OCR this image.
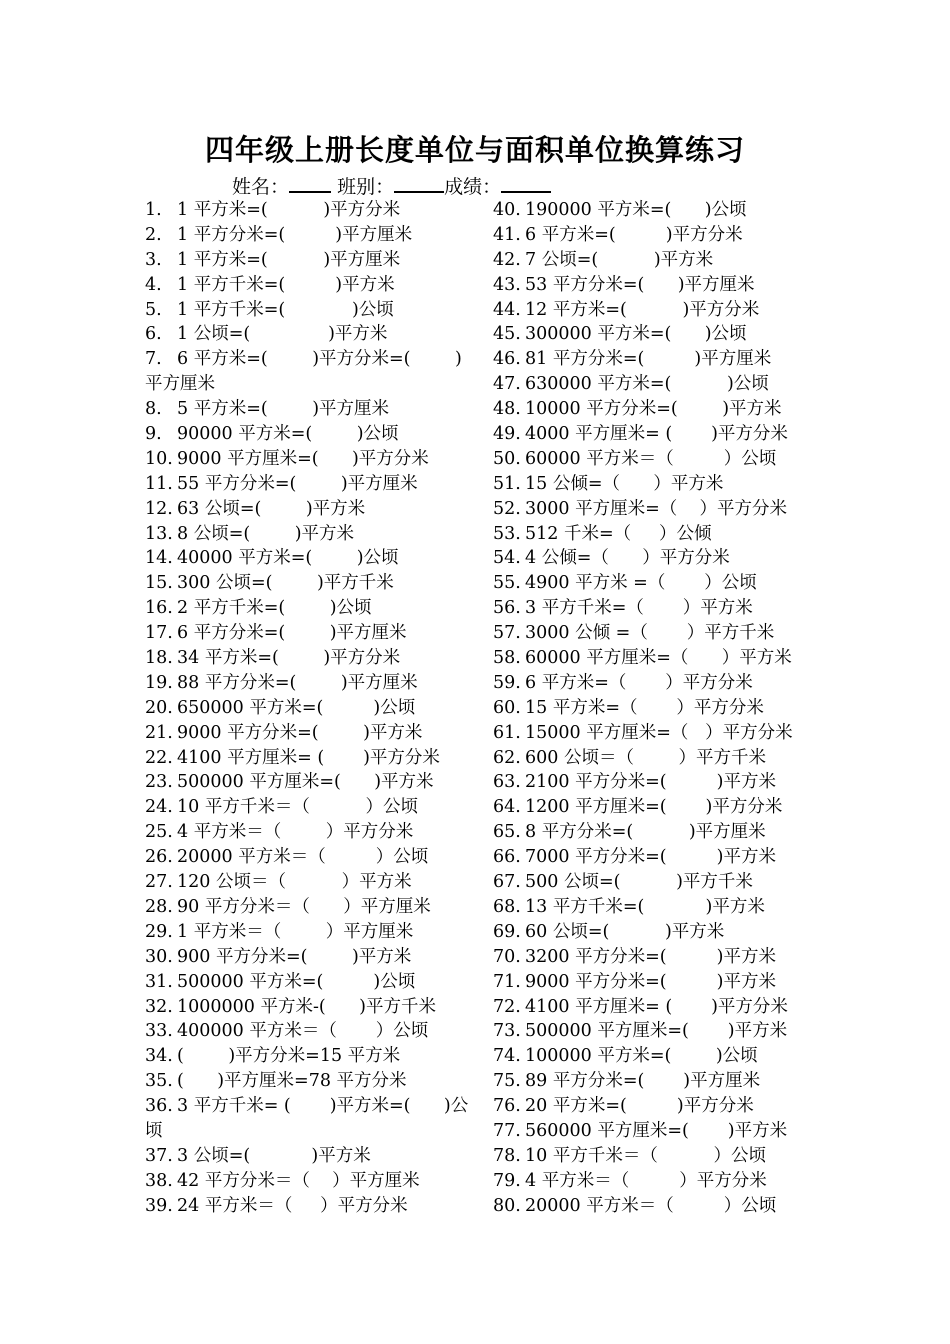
四年级上册长度单位与面积单位换算练习
姓名：	班别：	成绩：
1. 1 平方米=(          )平方分米
2. 1 平方分米=(         )平方厘米
3. 1 平方米=(          )平方厘米
4. 1 平方千米=(         )平方米
5. 1 平方千米=(            )公顷
6. 1 公顷=(              )平方米
7. 6 平方米=(        )平方分米=(        )
平方厘米
8. 5 平方米=(        )平方厘米
9. 90000 平方米=(        )公顷
10. 9000 平方厘米=(      )平方分米
11. 55 平方分米=(        )平方厘米
12. 63 公顷=(        )平方米
13. 8 公顷=(        )平方米
14. 40000 平方米=(        )公顷
15. 300 公顷=(        )平方千米
16. 2 平方千米=(        )公顷
17. 6 平方分米=(        )平方厘米
18. 34 平方米=(        )平方分米
19. 88 平方分米=(        )平方厘米
20. 650000 平方米=(         )公顷
21. 9000 平方分米=(        )平方米
22. 4100 平方厘米= (       )平方分米
23. 500000 平方厘米=(      )平方米
24. 10 平方千米＝（          ）公顷
25. 4 平方米＝（        ）平方分米
26. 20000 平方米＝（         ）公顷
27. 120 公顷＝（          ）平方米
28. 90 平方分米＝（      ）平方厘米
29. 1 平方米＝（        ）平方厘米
30. 900 平方分米=(        )平方米
31. 500000 平方米=(         )公顷
32. 1000000 平方米-(      )平方千米
33. 400000 平方米＝（       ）公顷
34. (        )平方分米=15 平方米
35. (      )平方厘米=78 平方分米
36. 3 平方千米= (       )平方米=(      )公
顷
37. 3 公顷=(           )平方米
38. 42 平方分米＝（    ）平方厘米
39. 24 平方米＝（     ）平方分米
40. 190000 平方米=(      )公顷
41. 6 平方米=(         )平方分米
42. 7 公顷=(          )平方米
43. 53 平方分米=(      )平方厘米
44. 12 平方米=(          )平方分米
45. 300000 平方米=(      )公顷
46. 81 平方分米=(         )平方厘米
47. 630000 平方米=(          )公顷
48. 10000 平方分米=(        )平方米
49. 4000 平方厘米= (       )平方分米
50. 60000 平方米＝（         ）公顷
51. 15 公倾=（      ）平方米
52. 3000 平方厘米=（    ）平方分米
53. 512 千米=（     ）公倾
54. 4 公倾=（      ）平方分米
55. 4900 平方米 =（       ）公顷
56. 3 平方千米=（       ）平方米
57. 3000 公倾 =（       ）平方千米
58. 60000 平方厘米=（      ）平方米
59. 6 平方米=（       ）平方分米
60. 15 平方米=（       ）平方分米
61. 15000 平方厘米=（   ）平方分米
62. 600 公顷＝（        ）平方千米
63. 2100 平方分米=(         )平方米
64. 1200 平方厘米=(       )平方分米
65. 8 平方分米=(          )平方厘米
66. 7000 平方分米=(         )平方米
67. 500 公顷=(          )平方千米
68. 13 平方千米=(           )平方米
69. 60 公顷=(          )平方米
70. 3200 平方分米=(         )平方米
71. 9000 平方分米=(         )平方米
72. 4100 平方厘米= (       )平方分米
73. 500000 平方厘米=(       )平方米
74. 100000 平方米=(        )公顷
75. 89 平方分米=(       )平方厘米
76. 20 平方米=(         )平方分米
77. 560000 平方厘米=(       )平方米
78. 10 平方千米＝（          ）公顷
79. 4 平方米＝（         ）平方分米
80. 20000 平方米＝（         ）公顷
